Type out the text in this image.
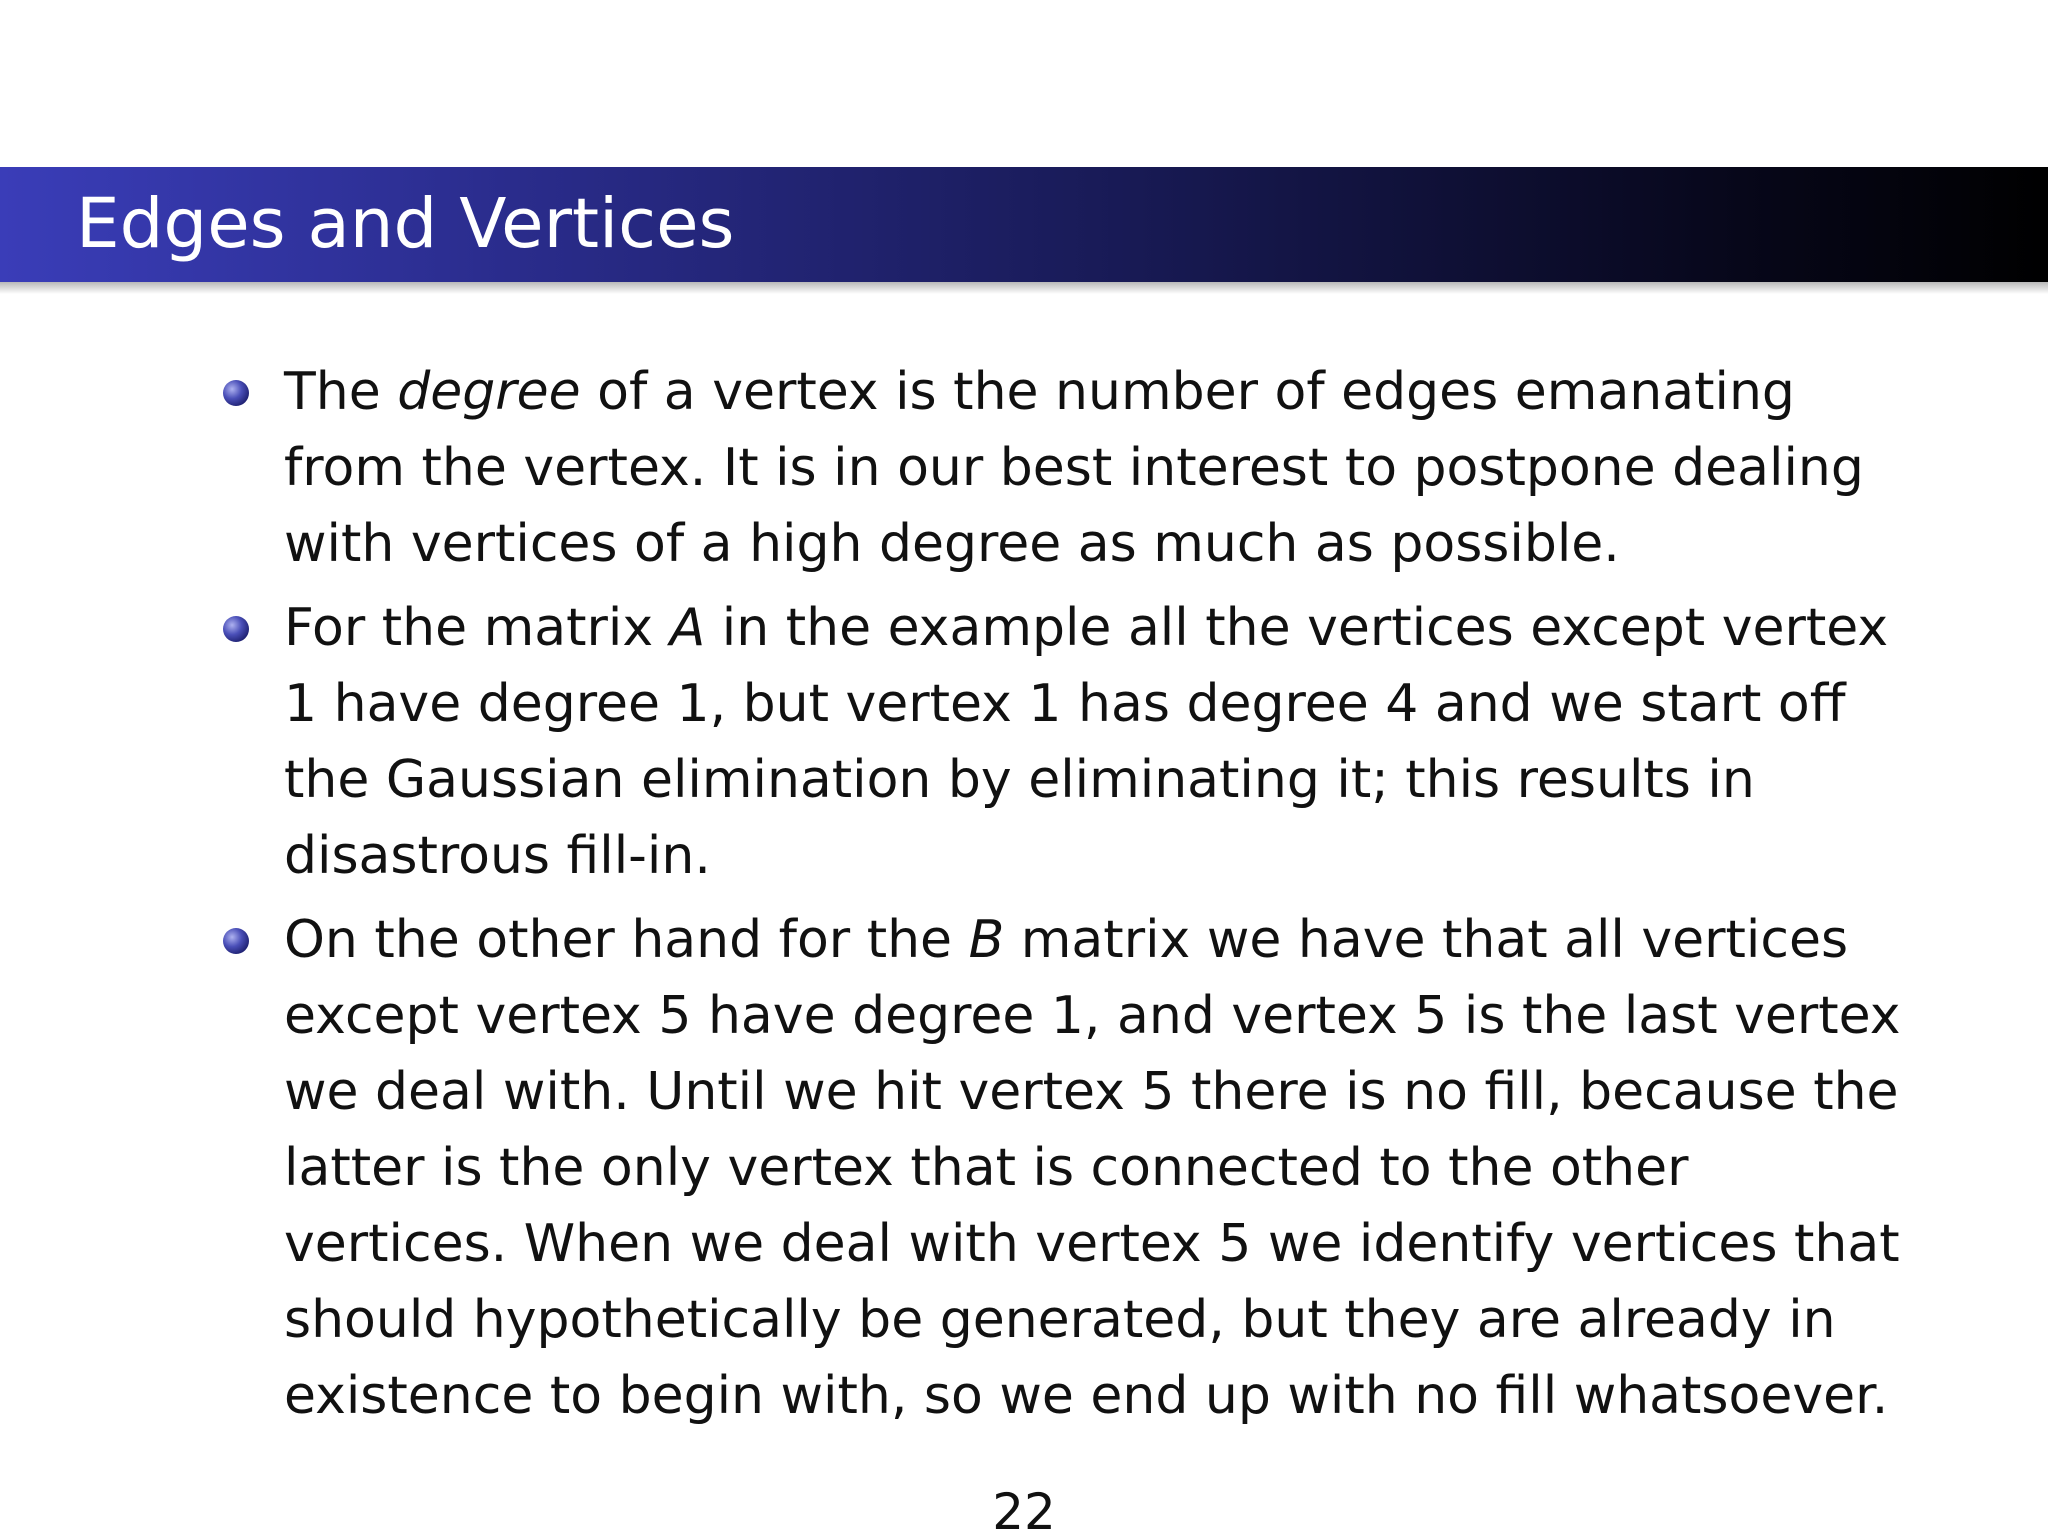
Edges and Vertices
The degree of a vertex is the number of edges emanating from the vertex. It is in our best interest to postpone dealing with vertices of a high degree as much as possible.
For the matrix A in the example all the vertices except vertex 1 have degree 1, but vertex 1 has degree 4 and we start off the Gaussian elimination by eliminating it; this results in disastrous fill-in.
On the other hand for the B matrix we have that all vertices except vertex 5 have degree 1, and vertex 5 is the last vertex we deal with. Until we hit vertex 5 there is no fill, because the latter is the only vertex that is connected to the other vertices. When we deal with vertex 5 we identify vertices that should hypothetically be generated, but they are already in existence to begin with, so we end up with no fill whatsoever.
22
